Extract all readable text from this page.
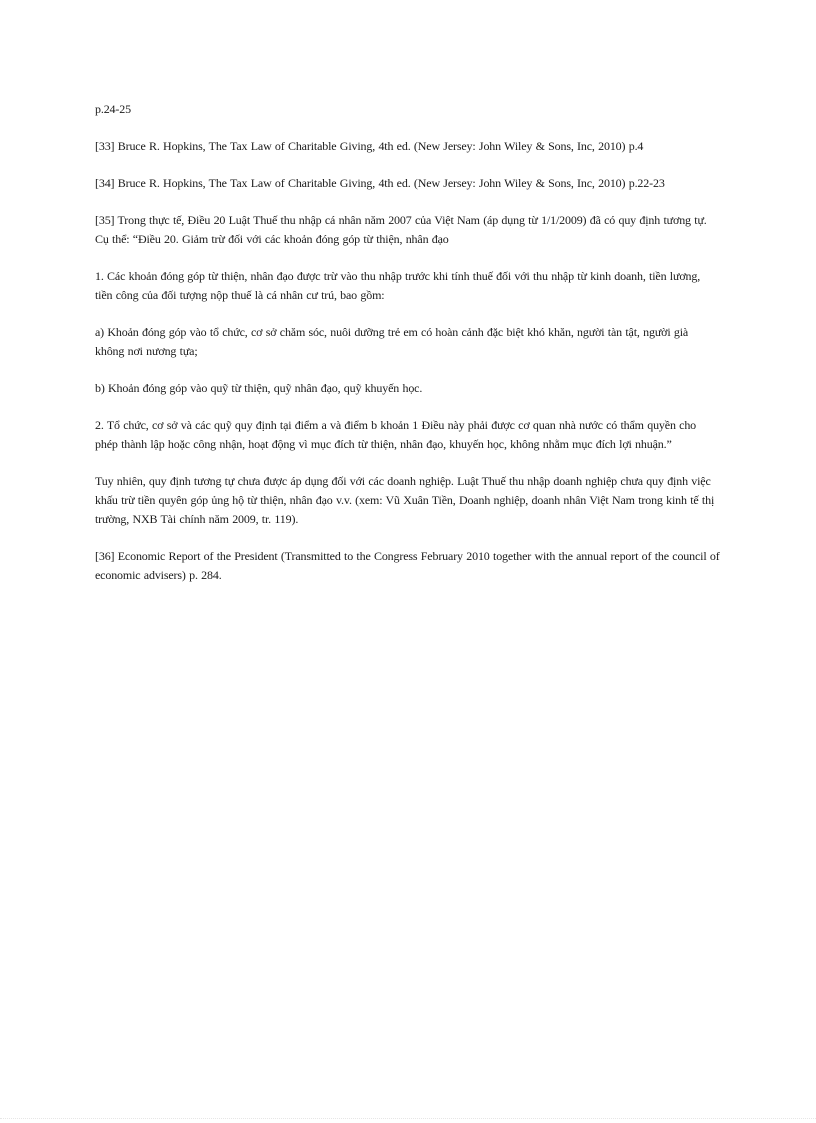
p.24-25

[33] Bruce R. Hopkins, The Tax Law of Charitable Giving, 4th ed. (New Jersey: John Wiley & Sons, Inc, 2010) p.4

[34] Bruce R. Hopkins, The Tax Law of Charitable Giving, 4th ed. (New Jersey: John Wiley & Sons, Inc, 2010) p.22-23

[35] Trong thực tế, Điều 20 Luật Thuế thu nhập cá nhân năm 2007 của Việt Nam (áp dụng từ 1/1/2009) đã có quy định tương tự. Cụ thể: “Điều 20. Giảm trừ đối với các khoản đóng góp từ thiện, nhân đạo

1. Các khoản đóng góp từ thiện, nhân đạo được trừ vào thu nhập trước khi tính thuế đối với thu nhập từ kinh doanh, tiền lương, tiền công của đối tượng nộp thuế là cá nhân cư trú, bao gồm:

a) Khoản đóng góp vào tổ chức, cơ sở chăm sóc, nuôi dưỡng trẻ em có hoàn cảnh đặc biệt khó khăn, người tàn tật, người già không nơi nương tựa;

b) Khoản đóng góp vào quỹ từ thiện, quỹ nhân đạo, quỹ khuyến học.

2. Tổ chức, cơ sở và các quỹ quy định tại điểm a và điểm b khoản 1 Điều này phải được cơ quan nhà nước có thẩm quyền cho phép thành lập hoặc công nhận, hoạt động vì mục đích từ thiện, nhân đạo, khuyến học, không nhằm mục đích lợi nhuận.”

Tuy nhiên, quy định tương tự chưa được áp dụng đối với các doanh nghiệp. Luật Thuế thu nhập doanh nghiệp chưa quy định việc khấu trừ tiền quyên góp ủng hộ từ thiện, nhân đạo v.v. (xem: Vũ Xuân Tiền, Doanh nghiệp, doanh nhân Việt Nam trong kinh tế thị trường, NXB Tài chính năm 2009, tr. 119).

[36] Economic Report of the President (Transmitted to the Congress February 2010 together with the annual report of the council of economic advisers) p. 284.
